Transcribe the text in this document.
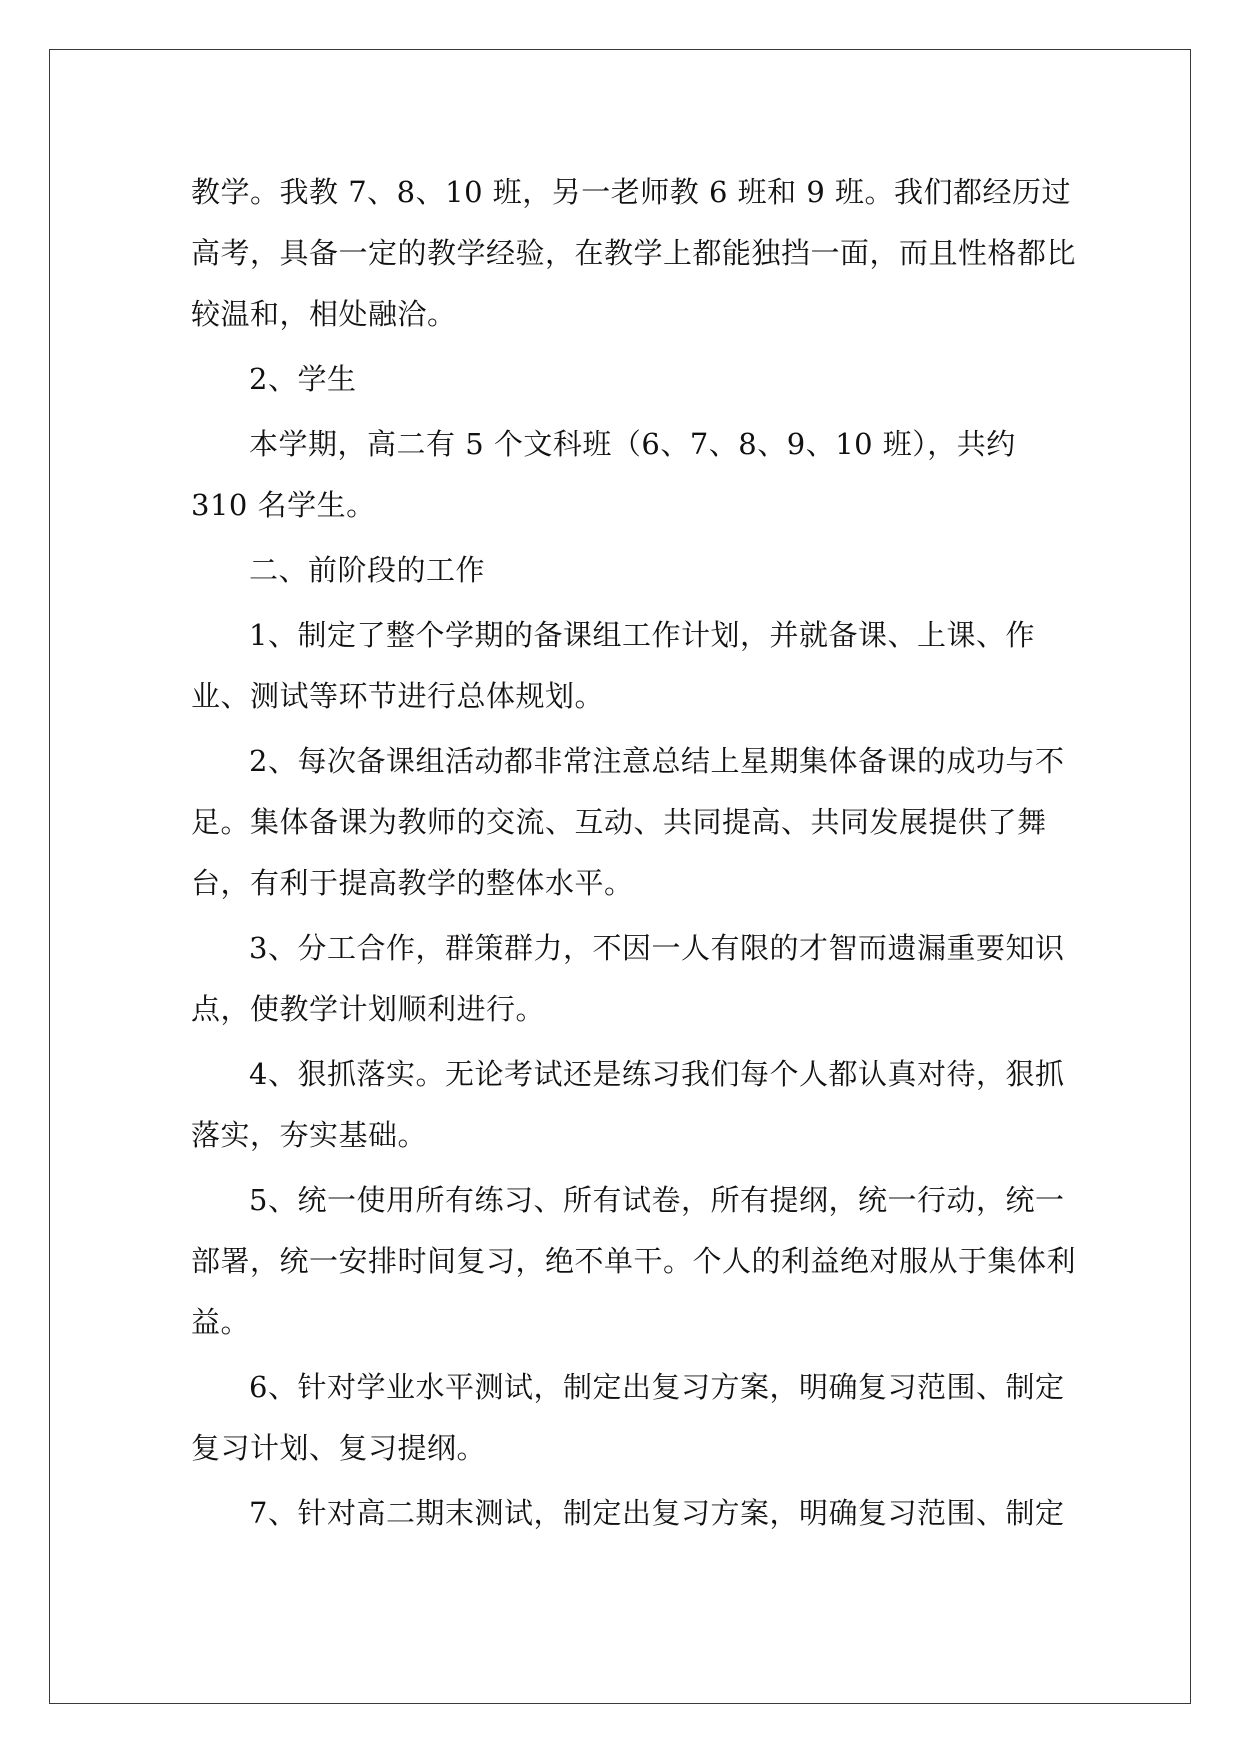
教学。我教 7、8、10 班，另一老师教 6 班和 9 班。我们都经历过高考，具备一定的教学经验，在教学上都能独挡一面，而且性格都比较温和，相处融洽。

2、学生

本学期，高二有 5 个文科班（6、7、8、9、10 班），共约 310 名学生。

二、前阶段的工作

1、制定了整个学期的备课组工作计划，并就备课、上课、作业、测试等环节进行总体规划。

2、每次备课组活动都非常注意总结上星期集体备课的成功与不足。集体备课为教师的交流、互动、共同提高、共同发展提供了舞台，有利于提高教学的整体水平。

3、分工合作，群策群力，不因一人有限的才智而遗漏重要知识点，使教学计划顺利进行。

4、狠抓落实。无论考试还是练习我们每个人都认真对待，狠抓落实，夯实基础。

5、统一使用所有练习、所有试卷，所有提纲，统一行动，统一部署，统一安排时间复习，绝不单干。个人的利益绝对服从于集体利益。

6、针对学业水平测试，制定出复习方案，明确复习范围、制定复习计划、复习提纲。

7、针对高二期末测试，制定出复习方案，明确复习范围、制定
